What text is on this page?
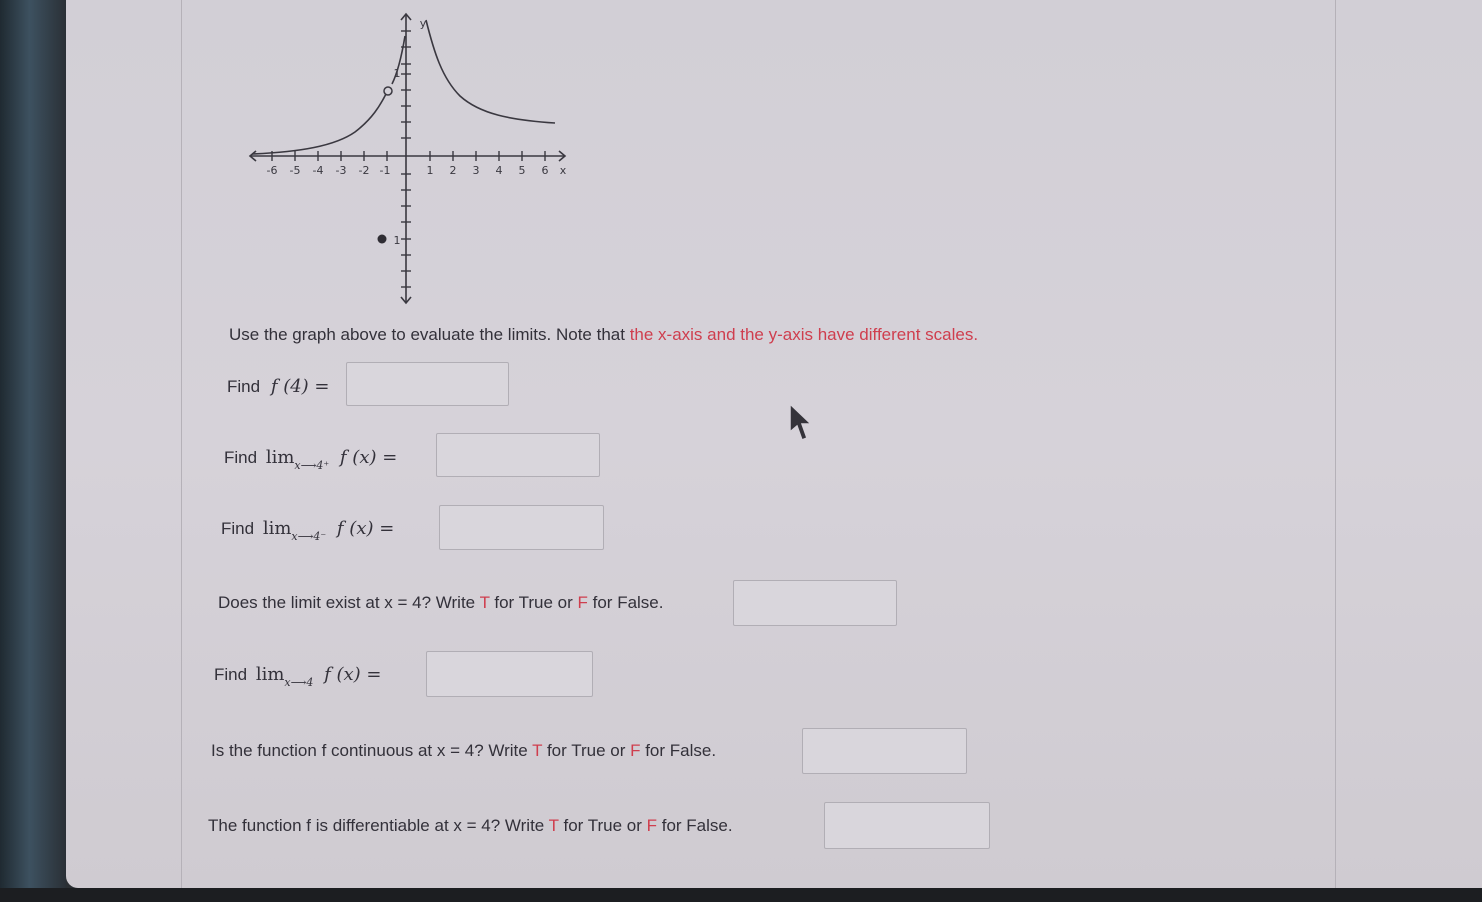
-6 -5 -4 -3 -2 -1	1 2 3 4 5 6 x
y
1
1
Use the graph above to evaluate the limits. Note that the x-axis and the y-axis have different scales.
Find f (4) =
Find $\lim_{x⟶4^+} f$ (x) =
Find $\lim_{x⟶4^-} f$ (x) =
Does the limit exist at x = 4? Write T for True or F for False.
Find $\lim_{x⟶4} f$ (x) =
Is the function f continuous at x = 4? Write T for True or F for False.
The function f is differentiable at x = 4? Write T for True or F for False.
